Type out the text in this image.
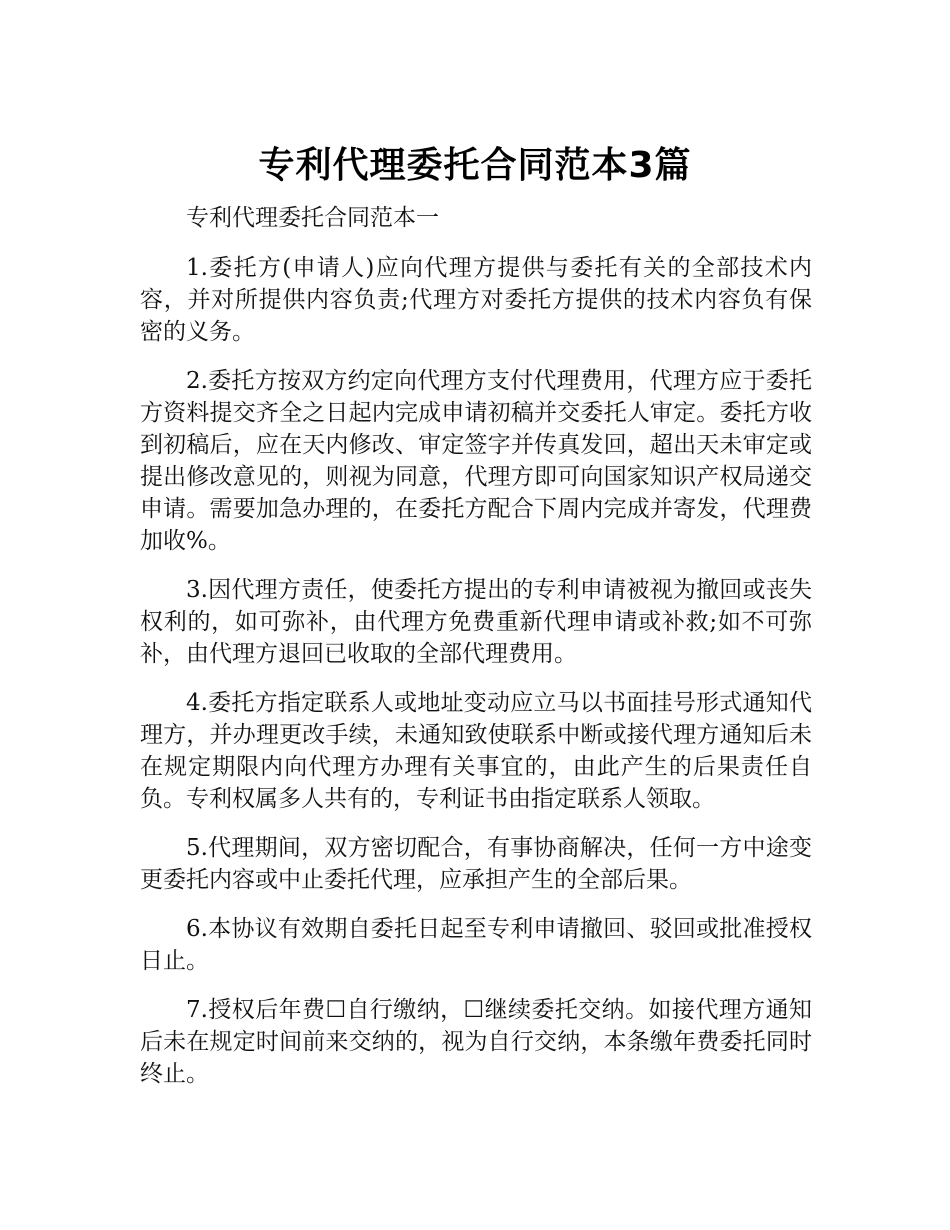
专利代理委托合同范本3篇

专利代理委托合同范本一

1.委托方(申请人)应向代理方提供与委托有关的全部技术内容，并对所提供内容负责;代理方对委托方提供的技术内容负有保密的义务。

2.委托方按双方约定向代理方支付代理费用，代理方应于委托方资料提交齐全之日起内完成申请初稿并交委托人审定。委托方收到初稿后，应在天内修改、审定签字并传真发回，超出天未审定或提出修改意见的，则视为同意，代理方即可向国家知识产权局递交申请。需要加急办理的，在委托方配合下周内完成并寄发，代理费加收%。

3.因代理方责任，使委托方提出的专利申请被视为撤回或丧失权利的，如可弥补，由代理方免费重新代理申请或补救;如不可弥补，由代理方退回已收取的全部代理费用。

4.委托方指定联系人或地址变动应立马以书面挂号形式通知代理方，并办理更改手续，未通知致使联系中断或接代理方通知后未在规定期限内向代理方办理有关事宜的，由此产生的后果责任自负。专利权属多人共有的，专利证书由指定联系人领取。

5.代理期间，双方密切配合，有事协商解决，任何一方中途变更委托内容或中止委托代理，应承担产生的全部后果。

6.本协议有效期自委托日起至专利申请撤回、驳回或批准授权日止。

7.授权后年费☐自行缴纳，☐继续委托交纳。如接代理方通知后未在规定时间前来交纳的，视为自行交纳，本条缴年费委托同时终止。
